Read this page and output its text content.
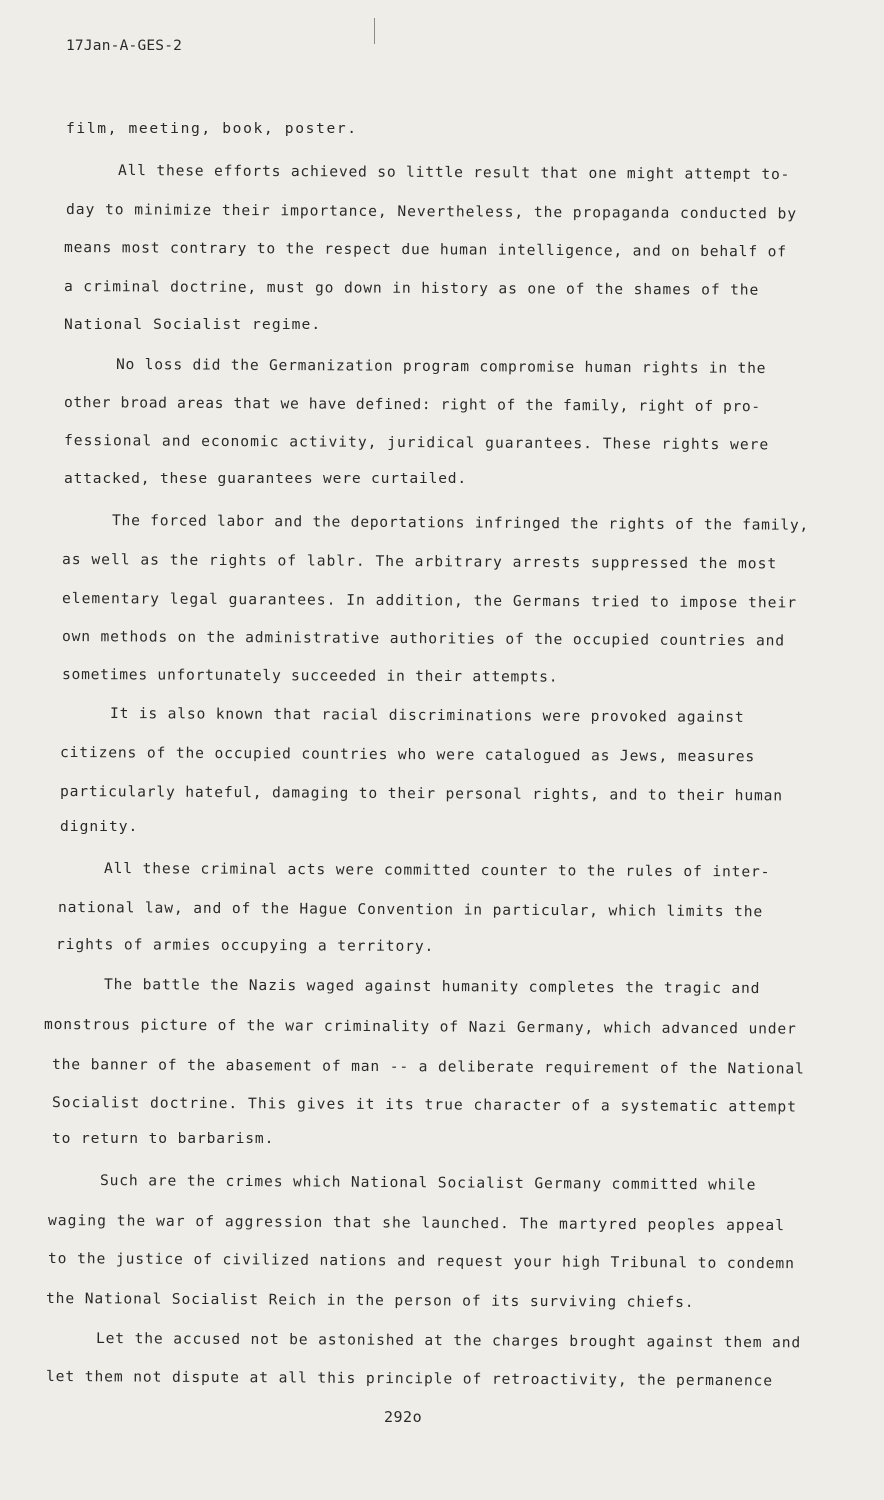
17Jan-A-GES-2
film, meeting, book, poster.
All these efforts achieved so little result that one might attempt to-
day to minimize their importance, Nevertheless, the propaganda conducted by
means most contrary to the respect due human intelligence, and on behalf of
a criminal doctrine, must go down in history as one of the shames of the
National Socialist regime.
No loss did the Germanization program compromise human rights in the
other broad areas that we have defined: right of the family, right of pro-
fessional and economic activity, juridical guarantees. These rights were
attacked, these guarantees were curtailed.
The forced labor and the deportations infringed the rights of the family,
as well as the rights of lablr. The arbitrary arrests suppressed the most
elementary legal guarantees. In addition, the Germans tried to impose their
own methods on the administrative authorities of the occupied countries and
sometimes unfortunately succeeded in their attempts.
It is also known that racial discriminations were provoked against
citizens of the occupied countries who were catalogued as Jews, measures
particularly hateful, damaging to their personal rights, and to their human
dignity.
All these criminal acts were committed counter to the rules of inter-
national law, and of the Hague Convention in particular, which limits the
rights of armies occupying a territory.
The battle the Nazis waged against humanity completes the tragic and
monstrous picture of the war criminality of Nazi Germany, which advanced under
the banner of the abasement of man -- a deliberate requirement of the National
Socialist doctrine. This gives it its true character of a systematic attempt
to return to barbarism.
Such are the crimes which National Socialist Germany committed while
waging the war of aggression that she launched. The martyred peoples appeal
to the justice of civilized nations and request your high Tribunal to condemn
the National Socialist Reich in the person of its surviving chiefs.
Let the accused not be astonished at the charges brought against them and
let them not dispute at all this principle of retroactivity, the permanence
292o
